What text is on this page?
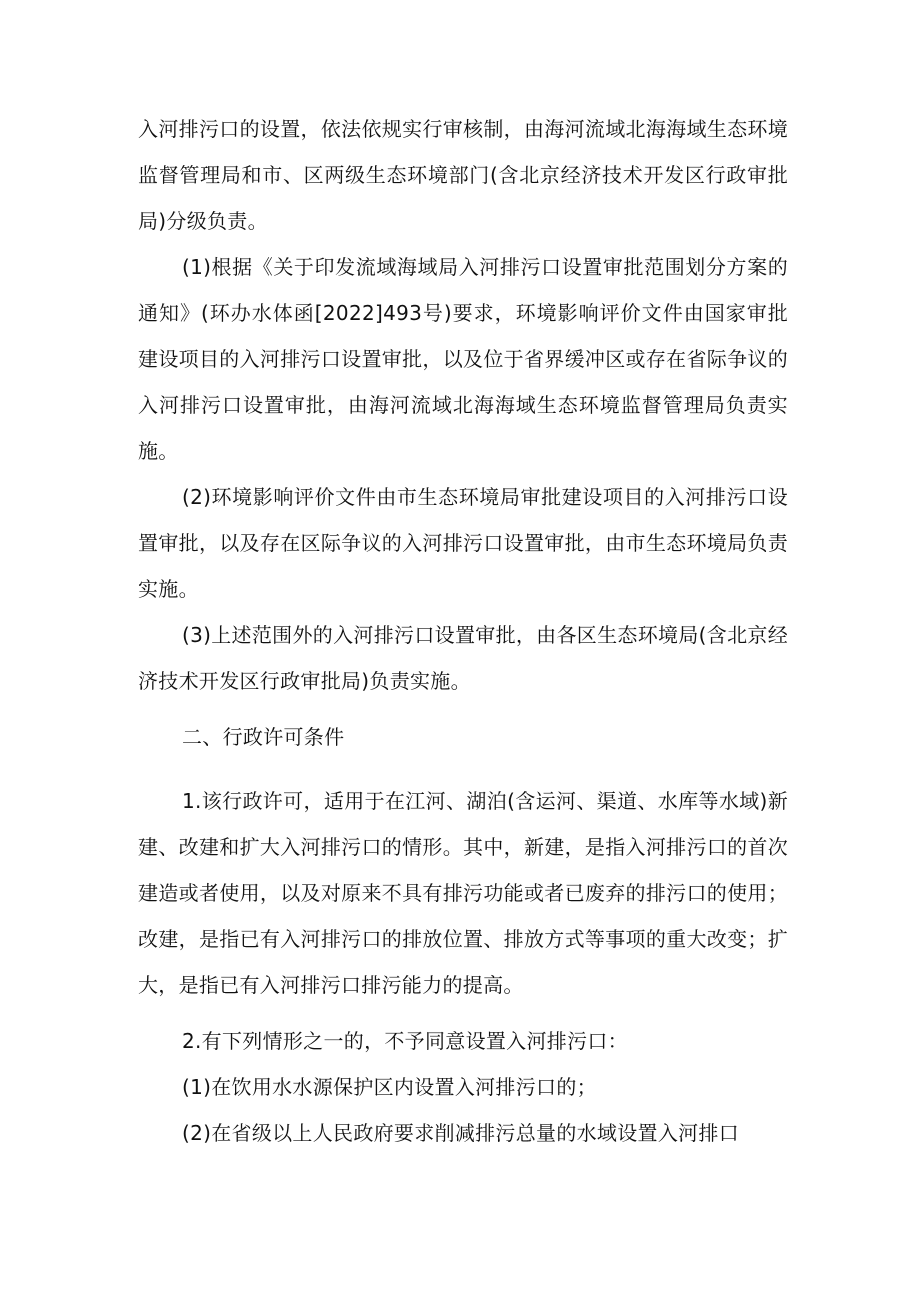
入河排污口的设置，依法依规实行审核制，由海河流域北海海域生态环境监督管理局和市、区两级生态环境部门(含北京经济技术开发区行政审批局)分级负责。

(1)根据《关于印发流域海域局入河排污口设置审批范围划分方案的通知》(环办水体函[2022]493号)要求，环境影响评价文件由国家审批建设项目的入河排污口设置审批，以及位于省界缓冲区或存在省际争议的入河排污口设置审批，由海河流域北海海域生态环境监督管理局负责实施。

(2)环境影响评价文件由市生态环境局审批建设项目的入河排污口设置审批，以及存在区际争议的入河排污口设置审批，由市生态环境局负责实施。

(3)上述范围外的入河排污口设置审批，由各区生态环境局(含北京经济技术开发区行政审批局)负责实施。

二、行政许可条件

1.该行政许可，适用于在江河、湖泊(含运河、渠道、水库等水域)新建、改建和扩大入河排污口的情形。其中，新建，是指入河排污口的首次建造或者使用，以及对原来不具有排污功能或者已废弃的排污口的使用；改建，是指已有入河排污口的排放位置、排放方式等事项的重大改变；扩大，是指已有入河排污口排污能力的提高。

2.有下列情形之一的，不予同意设置入河排污口：

(1)在饮用水水源保护区内设置入河排污口的；

(2)在省级以上人民政府要求削减排污总量的水域设置入河排口
